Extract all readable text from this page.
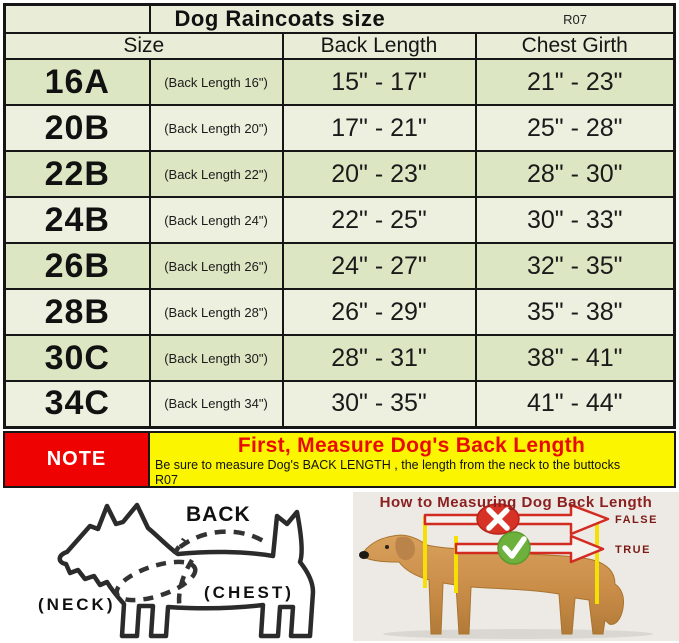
	Dog Raincoats size R07		

Size		Back Length	Chest Girth
16A	(Back Length 16")	15" - 17"	21" - 23"
20B	(Back Length 20")	17" - 21"	25" - 28"
22B	(Back Length 22")	20" - 23"	28" - 30"
24B	(Back Length 24")	22" - 25"	30" - 33"
26B	(Back Length 26")	24" - 27"	32" - 35"
28B	(Back Length 28")	26" - 29"	35" - 38"
30C	(Back Length 30")	28" - 31"	38" - 41"
34C	(Back Length 34")	30" - 35"	41" - 44"
NOTE
First, Measure Dog's Back Length
Be sure to measure Dog's BACK LENGTH , the length from the neck to the buttocks
R07
BACK
(NECK)
(CHEST)
FALSE
TRUE
How to Measuring Dog Back Length
